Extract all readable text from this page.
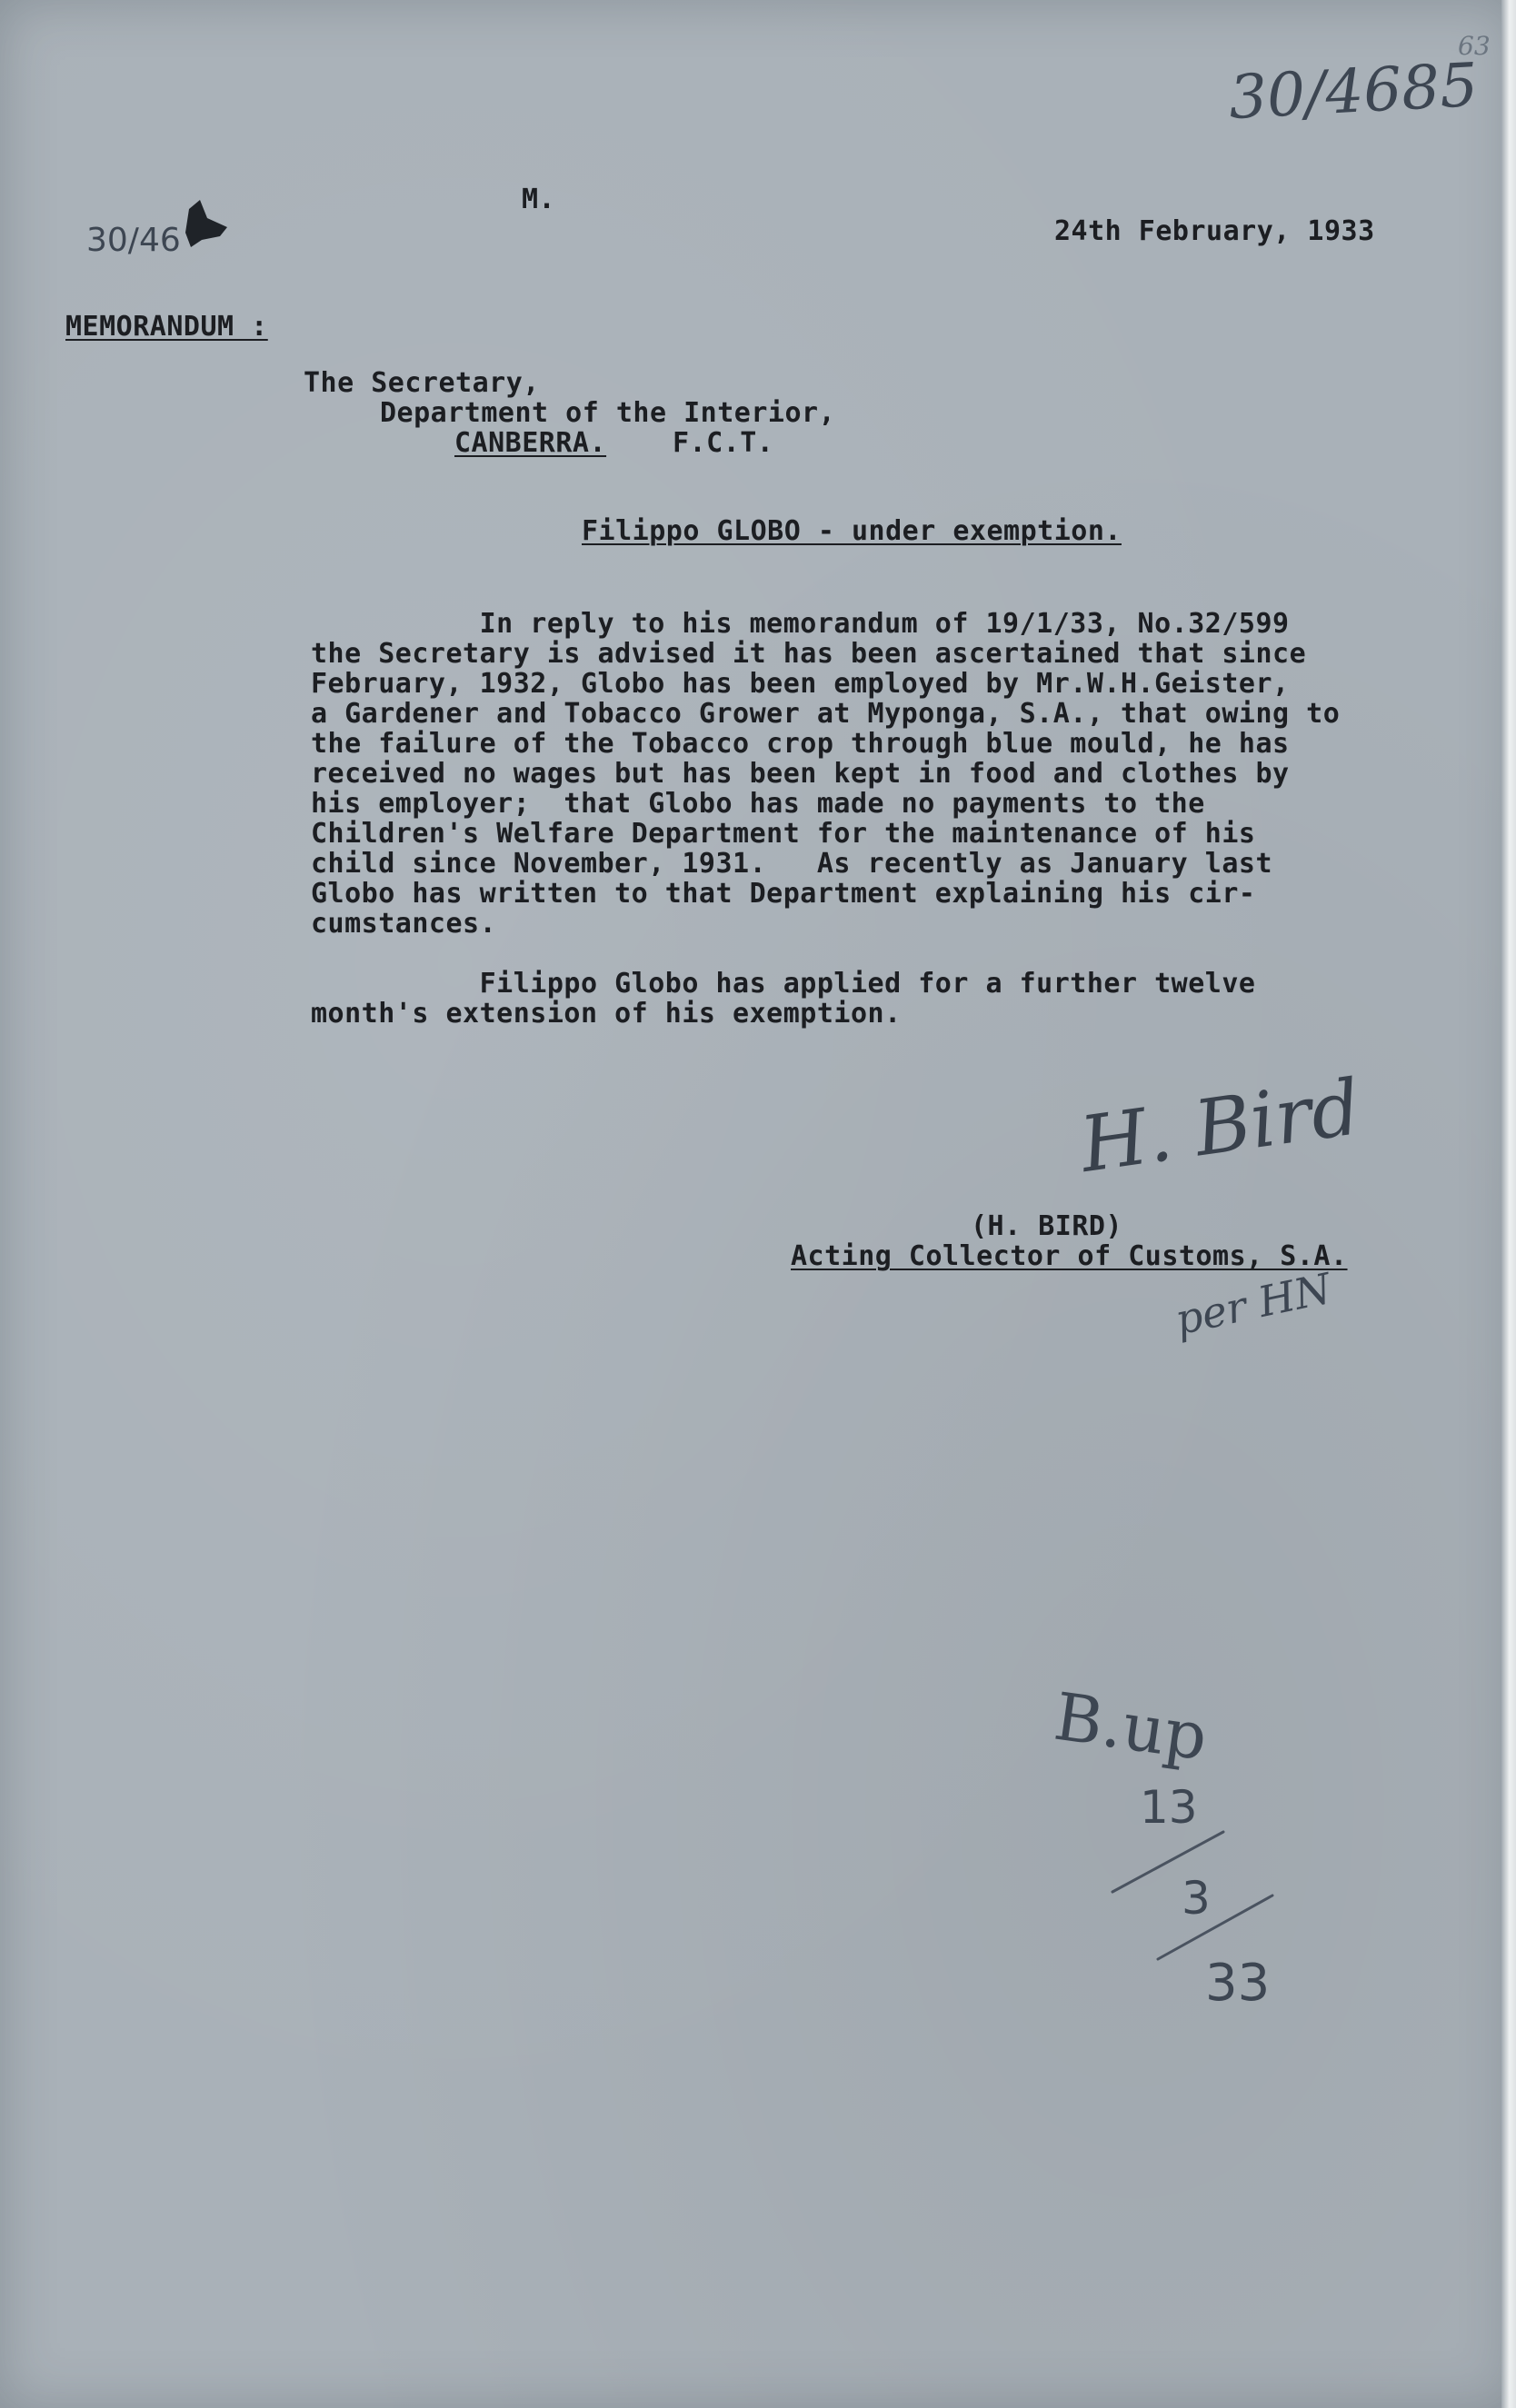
30/4685
63
30/46
M.
24th February, 1933
MEMORANDUM :
The Secretary,
Department of the Interior,
CANBERRA. F.C.T.
Filippo GLOBO - under exemption.

In reply to his memorandum of 19/1/33, No.32/599

the Secretary is advised it has been ascertained that since

February, 1932, Globo has been employed by Mr.W.H.Geister,

a Gardener and Tobacco Grower at Myponga, S.A., that owing to

the failure of the Tobacco crop through blue mould, he has

received no wages but has been kept in food and clothes by

his employer;  that Globo has made no payments to the

Children's Welfare Department for the maintenance of his

child since November, 1931.   As recently as January last

Globo has written to that Department explaining his cir-

cumstances.

Filippo Globo has applied for a further twelve

month's extension of his exemption.

H. Bird
(H. BIRD)
Acting Collector of Customs, S.A.
per HN
B.up
13
3
33
